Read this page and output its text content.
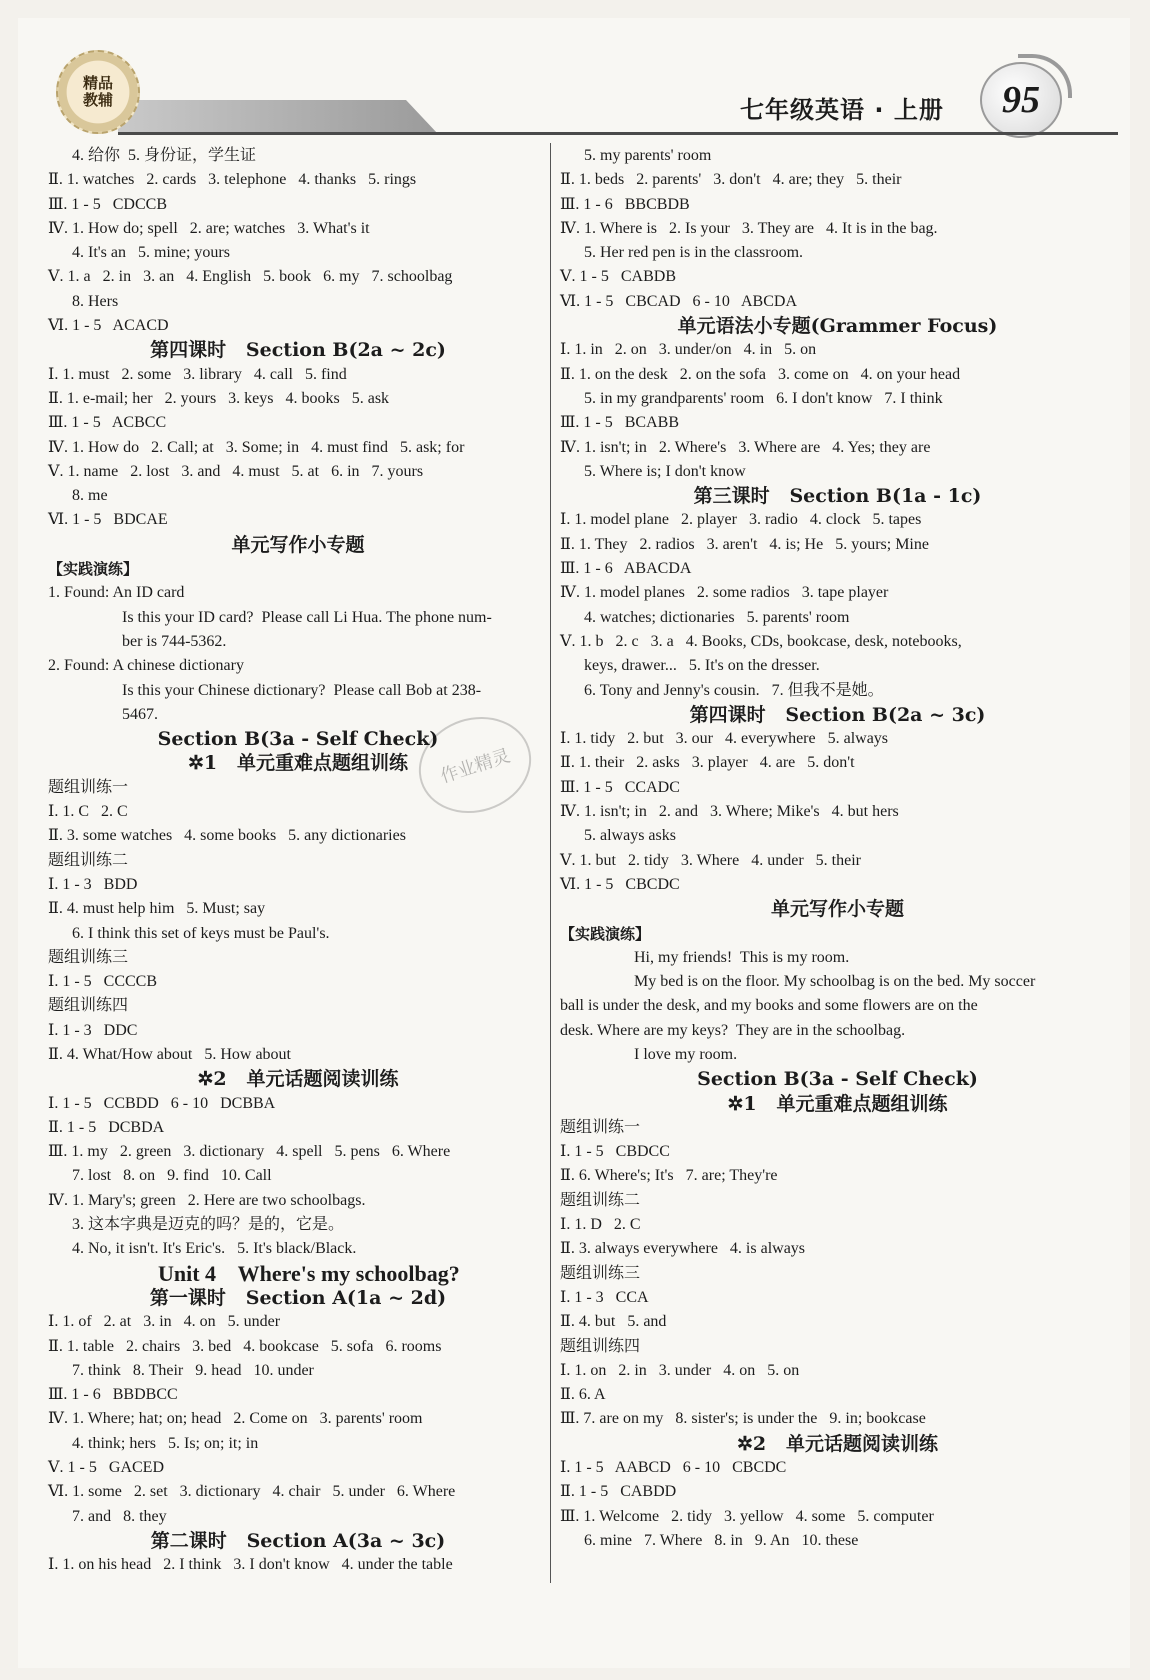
精品
教辅	七年级英语 · 上册	95
4. 给你  5. 身份证，学生证
Ⅱ. 1. watches   2. cards   3. telephone   4. thanks   5. rings
Ⅲ. 1 - 5   CDCCB
Ⅳ. 1. How do; spell   2. are; watches   3. What's it
4. It's an   5. mine; yours
Ⅴ. 1. a   2. in   3. an   4. English   5. book   6. my   7. schoolbag
8. Hers
Ⅵ. 1 - 5   ACACD
第四课时   Section B(2a ~ 2c)
Ⅰ. 1. must   2. some   3. library   4. call   5. find
Ⅱ. 1. e-mail; her   2. yours   3. keys   4. books   5. ask
Ⅲ. 1 - 5   ACBCC
Ⅳ. 1. How do   2. Call; at   3. Some; in   4. must find   5. ask; for
Ⅴ. 1. name   2. lost   3. and   4. must   5. at   6. in   7. yours
8. me
Ⅵ. 1 - 5   BDCAE
单元写作小专题
【实践演练】
1. Found: An ID card
Is this your ID card?  Please call Li Hua. The phone num-
ber is 744-5362.
2. Found: A chinese dictionary
Is this your Chinese dictionary?  Please call Bob at 238-
5467.
Section B(3a - Self Check)
✲1   单元重难点题组训练
题组训练一
Ⅰ. 1. C   2. C
Ⅱ. 3. some watches   4. some books   5. any dictionaries
题组训练二
Ⅰ. 1 - 3   BDD
Ⅱ. 4. must help him   5. Must; say
6. I think this set of keys must be Paul's.
题组训练三
Ⅰ. 1 - 5   CCCCB
题组训练四
Ⅰ. 1 - 3   DDC
Ⅱ. 4. What/How about   5. How about
✲2   单元话题阅读训练
Ⅰ. 1 - 5   CCBDD   6 - 10   DCBBA
Ⅱ. 1 - 5   DCBDA
Ⅲ. 1. my   2. green   3. dictionary   4. spell   5. pens   6. Where
7. lost   8. on   9. find   10. Call
Ⅳ. 1. Mary's; green   2. Here are two schoolbags.
3. 这本字典是迈克的吗？是的，它是。
4. No, it isn't. It's Eric's.   5. It's black/Black.
Unit 4    Where's my schoolbag?
第一课时   Section A(1a ~ 2d)
Ⅰ. 1. of   2. at   3. in   4. on   5. under
Ⅱ. 1. table   2. chairs   3. bed   4. bookcase   5. sofa   6. rooms
7. think   8. Their   9. head   10. under
Ⅲ. 1 - 6   BBDBCC
Ⅳ. 1. Where; hat; on; head   2. Come on   3. parents' room
4. think; hers   5. Is; on; it; in
Ⅴ. 1 - 5   GACED
Ⅵ. 1. some   2. set   3. dictionary   4. chair   5. under   6. Where
7. and   8. they
第二课时   Section A(3a ~ 3c)
Ⅰ. 1. on his head   2. I think   3. I don't know   4. under the table
5. my parents' room
Ⅱ. 1. beds   2. parents'   3. don't   4. are; they   5. their
Ⅲ. 1 - 6   BBCBDB
Ⅳ. 1. Where is   2. Is your   3. They are   4. It is in the bag.
5. Her red pen is in the classroom.
Ⅴ. 1 - 5   CABDB
Ⅵ. 1 - 5   CBCAD   6 - 10   ABCDA
单元语法小专题(Grammer Focus)
Ⅰ. 1. in   2. on   3. under/on   4. in   5. on
Ⅱ. 1. on the desk   2. on the sofa   3. come on   4. on your head
5. in my grandparents' room   6. I don't know   7. I think
Ⅲ. 1 - 5   BCABB
Ⅳ. 1. isn't; in   2. Where's   3. Where are   4. Yes; they are
5. Where is; I don't know
第三课时   Section B(1a - 1c)
Ⅰ. 1. model plane   2. player   3. radio   4. clock   5. tapes
Ⅱ. 1. They   2. radios   3. aren't   4. is; He   5. yours; Mine
Ⅲ. 1 - 6   ABACDA
Ⅳ. 1. model planes   2. some radios   3. tape player
4. watches; dictionaries   5. parents' room
Ⅴ. 1. b   2. c   3. a   4. Books, CDs, bookcase, desk, notebooks,
keys, drawer...   5. It's on the dresser.
6. Tony and Jenny's cousin.   7. 但我不是她。
第四课时   Section B(2a ~ 3c)
Ⅰ. 1. tidy   2. but   3. our   4. everywhere   5. always
Ⅱ. 1. their   2. asks   3. player   4. are   5. don't
Ⅲ. 1 - 5   CCADC
Ⅳ. 1. isn't; in   2. and   3. Where; Mike's   4. but hers
5. always asks
Ⅴ. 1. but   2. tidy   3. Where   4. under   5. their
Ⅵ. 1 - 5   CBCDC
单元写作小专题
【实践演练】
Hi, my friends!  This is my room.
My bed is on the floor. My schoolbag is on the bed. My soccer
ball is under the desk, and my books and some flowers are on the
desk. Where are my keys?  They are in the schoolbag.
I love my room.
Section B(3a - Self Check)
✲1   单元重难点题组训练
题组训练一
Ⅰ. 1 - 5   CBDCC
Ⅱ. 6. Where's; It's   7. are; They're
题组训练二
Ⅰ. 1. D   2. C
Ⅱ. 3. always everywhere   4. is always
题组训练三
Ⅰ. 1 - 3   CCA
Ⅱ. 4. but   5. and
题组训练四
Ⅰ. 1. on   2. in   3. under   4. on   5. on
Ⅱ. 6. A
Ⅲ. 7. are on my   8. sister's; is under the   9. in; bookcase
✲2   单元话题阅读训练
Ⅰ. 1 - 5   AABCD   6 - 10   CBCDC
Ⅱ. 1 - 5   CABDD
Ⅲ. 1. Welcome   2. tidy   3. yellow   4. some   5. computer
6. mine   7. Where   8. in   9. An   10. these
作业精灵
